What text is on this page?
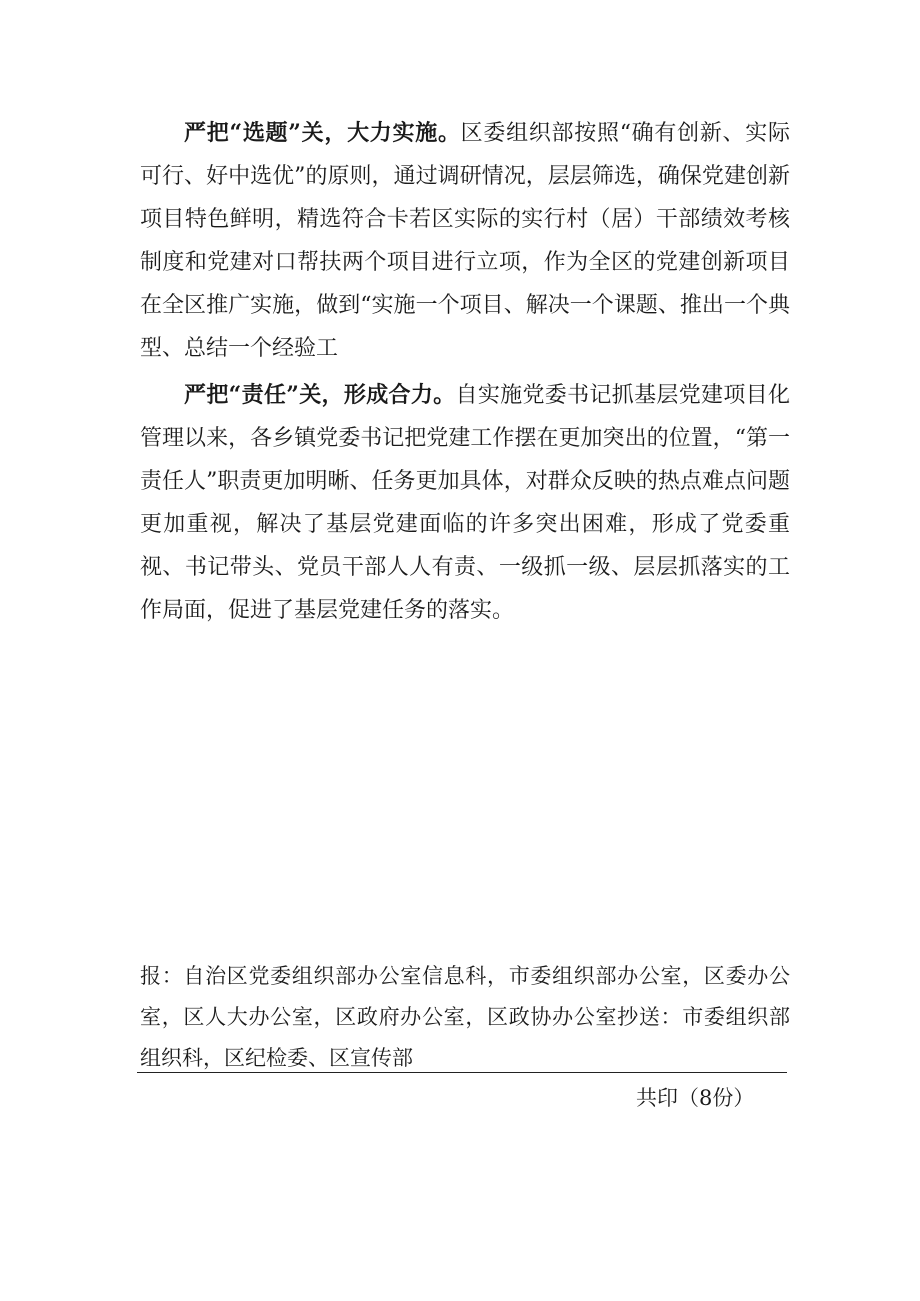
严把“选题”关，大力实施。区委组织部按照“确有创新、实际可行、好中选优”的原则，通过调研情况，层层筛选，确保党建创新项目特色鲜明，精选符合卡若区实际的实行村（居）干部绩效考核制度和党建对口帮扶两个项目进行立项，作为全区的党建创新项目在全区推广实施，做到“实施一个项目、解决一个课题、推出一个典型、总结一个经验工

严把“责任”关，形成合力。自实施党委书记抓基层党建项目化管理以来，各乡镇党委书记把党建工作摆在更加突出的位置，“第一责任人”职责更加明晰、任务更加具体，对群众反映的热点难点问题更加重视，解决了基层党建面临的许多突出困难，形成了党委重视、书记带头、党员干部人人有责、一级抓一级、层层抓落实的工作局面，促进了基层党建任务的落实。

报：自治区党委组织部办公室信息科，市委组织部办公室，区委办公室，区人大办公室，区政府办公室，区政协办公室抄送：市委组织部组织科，区纪检委、区宣传部

共印（8份）
